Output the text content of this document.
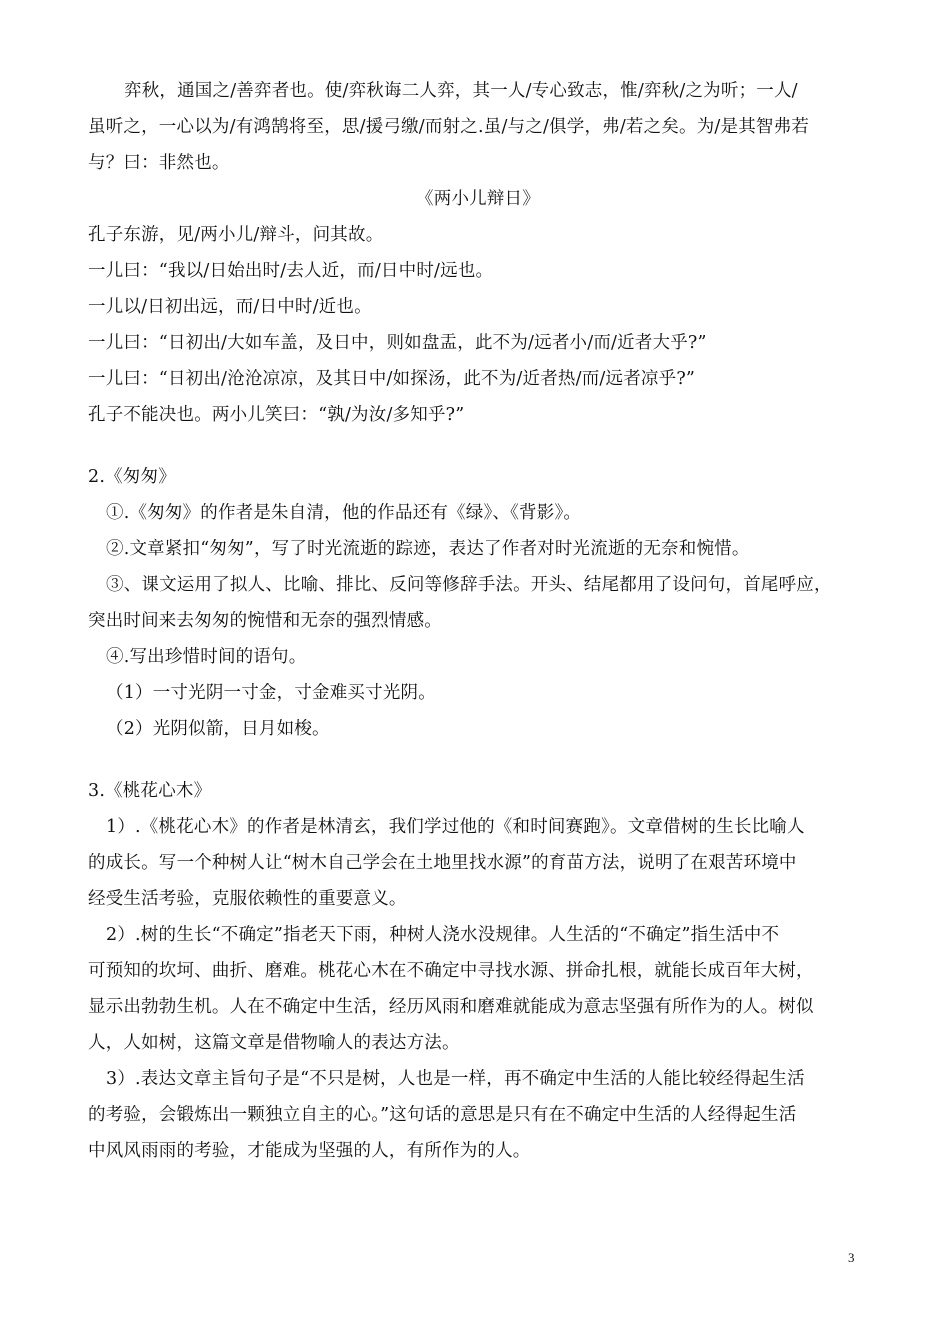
弈秋，通国之/善弈者也。使/弈秋诲二人弈，其一人/专心致志，惟/弈秋/之为听；一人/
虽听之，一心以为/有鸿鹄将至，思/援弓缴/而射之.虽/与之/俱学，弗/若之矣。为/是其智弗若
与？曰：非然也。
《两小儿辩日》
孔子东游，见/两小儿/辩斗，问其故。
一儿曰：“我以/日始出时/去人近，而/日中时/远也。
一儿以/日初出远，而/日中时/近也。
一儿曰：“日初出/大如车盖，及日中，则如盘盂，此不为/远者小/而/近者大乎?”
一儿曰：“日初出/沧沧凉凉，及其日中/如探汤，此不为/近者热/而/远者凉乎?”
孔子不能决也。两小儿笑曰：“孰/为汝/多知乎?”
2.《匆匆》
①.《匆匆》的作者是朱自清，他的作品还有《绿》、《背影》。
②.文章紧扣“匆匆”，写了时光流逝的踪迹，表达了作者对时光流逝的无奈和惋惜。
③、课文运用了拟人、比喻、排比、反问等修辞手法。开头、结尾都用了设问句，首尾呼应，
突出时间来去匆匆的惋惜和无奈的强烈情感。
④.写出珍惜时间的语句。
（1）一寸光阴一寸金，寸金难买寸光阴。
（2）光阴似箭，日月如梭。
3.《桃花心木》
1）.《桃花心木》的作者是林清玄，我们学过他的《和时间赛跑》。文章借树的生长比喻人
的成长。写一个种树人让“树木自己学会在土地里找水源”的育苗方法，说明了在艰苦环境中
经受生活考验，克服依赖性的重要意义。
2）.树的生长“不确定”指老天下雨，种树人浇水没规律。人生活的“不确定”指生活中不
可预知的坎坷、曲折、磨难。桃花心木在不确定中寻找水源、拼命扎根，就能长成百年大树，
显示出勃勃生机。人在不确定中生活，经历风雨和磨难就能成为意志坚强有所作为的人。树似
人，人如树，这篇文章是借物喻人的表达方法。
3）.表达文章主旨句子是“不只是树，人也是一样，再不确定中生活的人能比较经得起生活
的考验，会锻炼出一颗独立自主的心。”这句话的意思是只有在不确定中生活的人经得起生活
中风风雨雨的考验，才能成为坚强的人，有所作为的人。
3
